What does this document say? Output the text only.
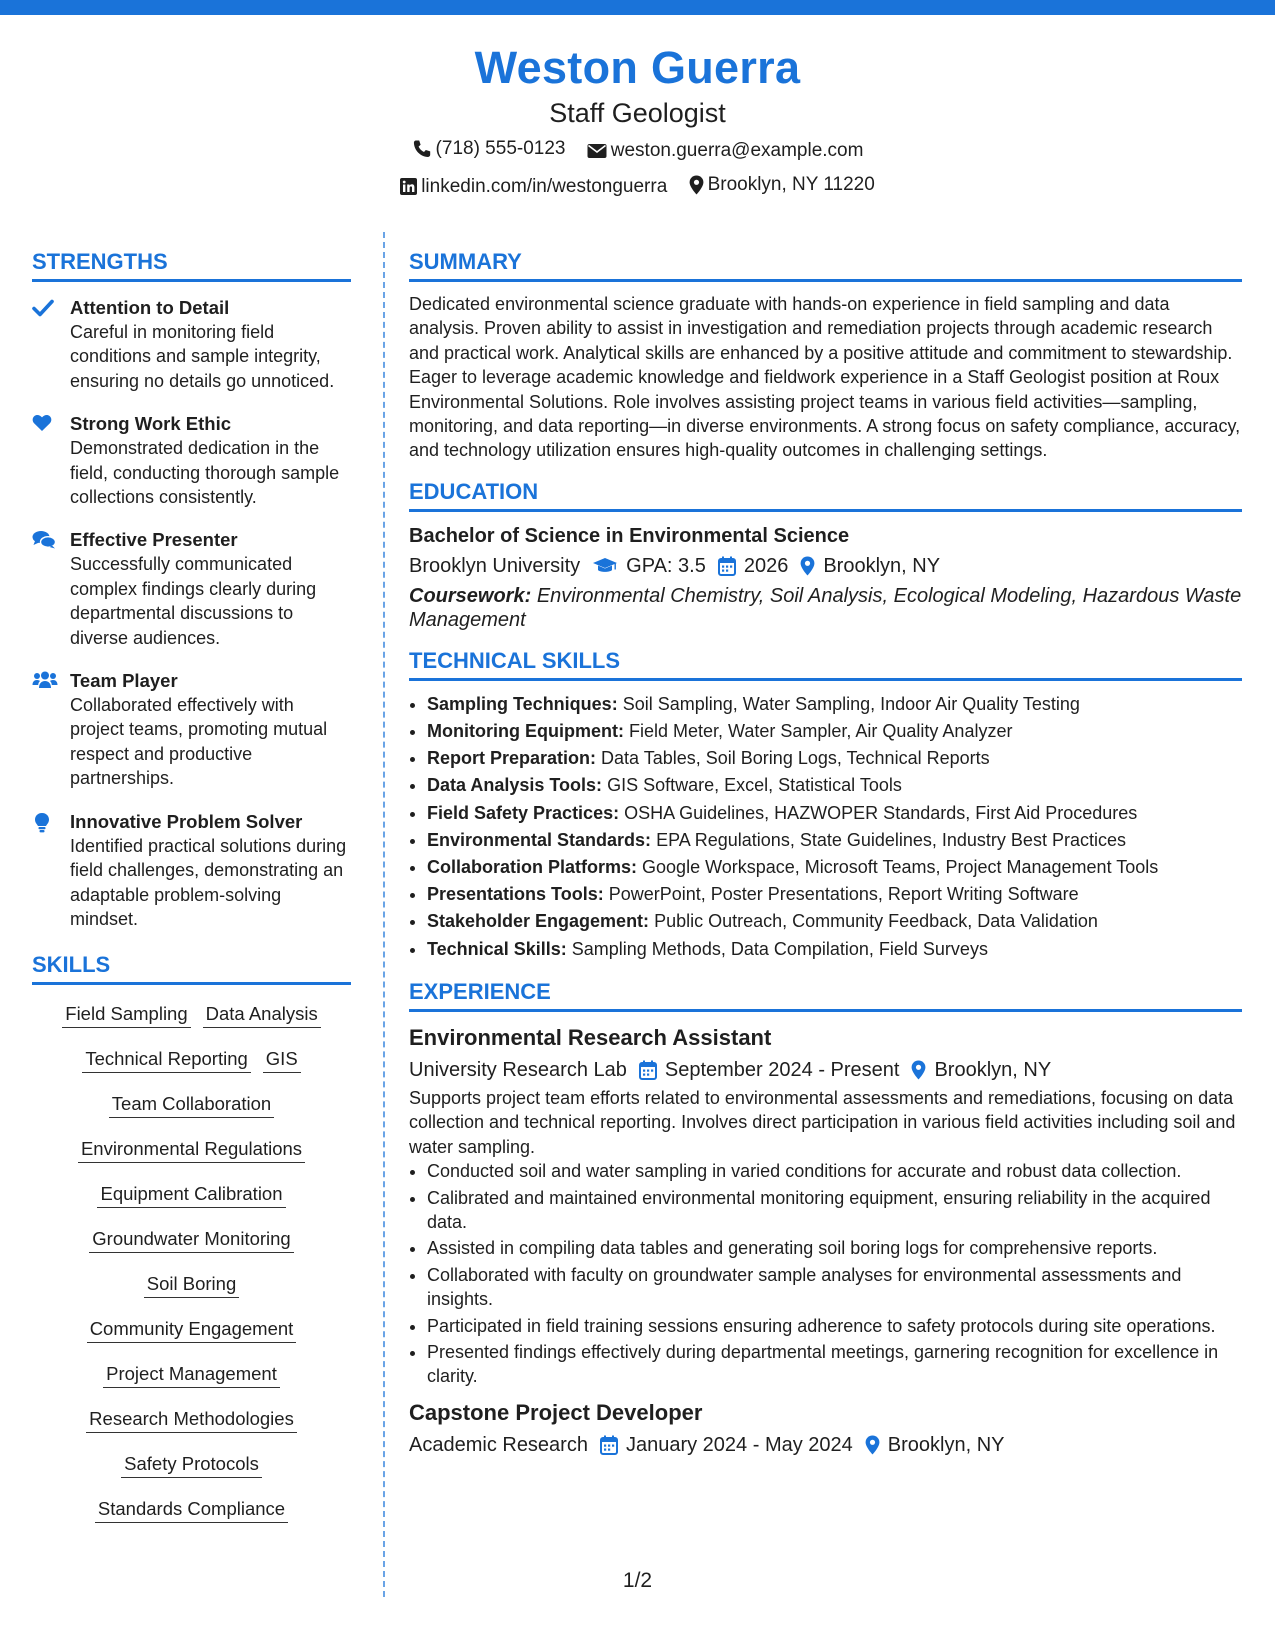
Weston Guerra
Staff Geologist
(718) 555-0123
weston.guerra@example.com
linkedin.com/in/westonguerra
Brooklyn, NY 11220
STRENGTHS
Attention to Detail
Careful in monitoring field conditions and sample integrity, ensuring no details go unnoticed.
Strong Work Ethic
Demonstrated dedication in the field, conducting thorough sample collections consistently.
Effective Presenter
Successfully communicated complex findings clearly during departmental discussions to diverse audiences.
Team Player
Collaborated effectively with project teams, promoting mutual respect and productive partnerships.
Innovative Problem Solver
Identified practical solutions during field challenges, demonstrating an adaptable problem-solving mindset.
SKILLS
Field Sampling Data Analysis
Technical Reporting GIS
Team Collaboration
Environmental Regulations
Equipment Calibration
Groundwater Monitoring
Soil Boring
Community Engagement
Project Management
Research Methodologies
Safety Protocols
Standards Compliance
SUMMARY
Dedicated environmental science graduate with hands-on experience in field sampling and data analysis. Proven ability to assist in investigation and remediation projects through academic research and practical work. Analytical skills are enhanced by a positive attitude and commitment to stewardship. Eager to leverage academic knowledge and fieldwork experience in a Staff Geologist position at Roux Environmental Solutions. Role involves assisting project teams in various field activities—sampling, monitoring, and data reporting—in diverse environments. A strong focus on safety compliance, accuracy, and technology utilization ensures high-quality outcomes in challenging settings.
EDUCATION
Bachelor of Science in Environmental Science
Brooklyn University GPA: 3.5 2026 Brooklyn, NY
Coursework: Environmental Chemistry, Soil Analysis, Ecological Modeling, Hazardous Waste Management
TECHNICAL SKILLS
• Sampling Techniques: Soil Sampling, Water Sampling, Indoor Air Quality Testing
• Monitoring Equipment: Field Meter, Water Sampler, Air Quality Analyzer
• Report Preparation: Data Tables, Soil Boring Logs, Technical Reports
• Data Analysis Tools: GIS Software, Excel, Statistical Tools
• Field Safety Practices: OSHA Guidelines, HAZWOPER Standards, First Aid Procedures
• Environmental Standards: EPA Regulations, State Guidelines, Industry Best Practices
• Collaboration Platforms: Google Workspace, Microsoft Teams, Project Management Tools
• Presentations Tools: PowerPoint, Poster Presentations, Report Writing Software
• Stakeholder Engagement: Public Outreach, Community Feedback, Data Validation
• Technical Skills: Sampling Methods, Data Compilation, Field Surveys
EXPERIENCE
Environmental Research Assistant
University Research Lab September 2024 - Present Brooklyn, NY
Supports project team efforts related to environmental assessments and remediations, focusing on data collection and technical reporting. Involves direct participation in various field activities including soil and water sampling.
• Conducted soil and water sampling in varied conditions for accurate and robust data collection.
• Calibrated and maintained environmental monitoring equipment, ensuring reliability in the acquired data.
• Assisted in compiling data tables and generating soil boring logs for comprehensive reports.
• Collaborated with faculty on groundwater sample analyses for environmental assessments and insights.
• Participated in field training sessions ensuring adherence to safety protocols during site operations.
• Presented findings effectively during departmental meetings, garnering recognition for excellence in clarity.
Capstone Project Developer
Academic Research January 2024 - May 2024 Brooklyn, NY
1/2
